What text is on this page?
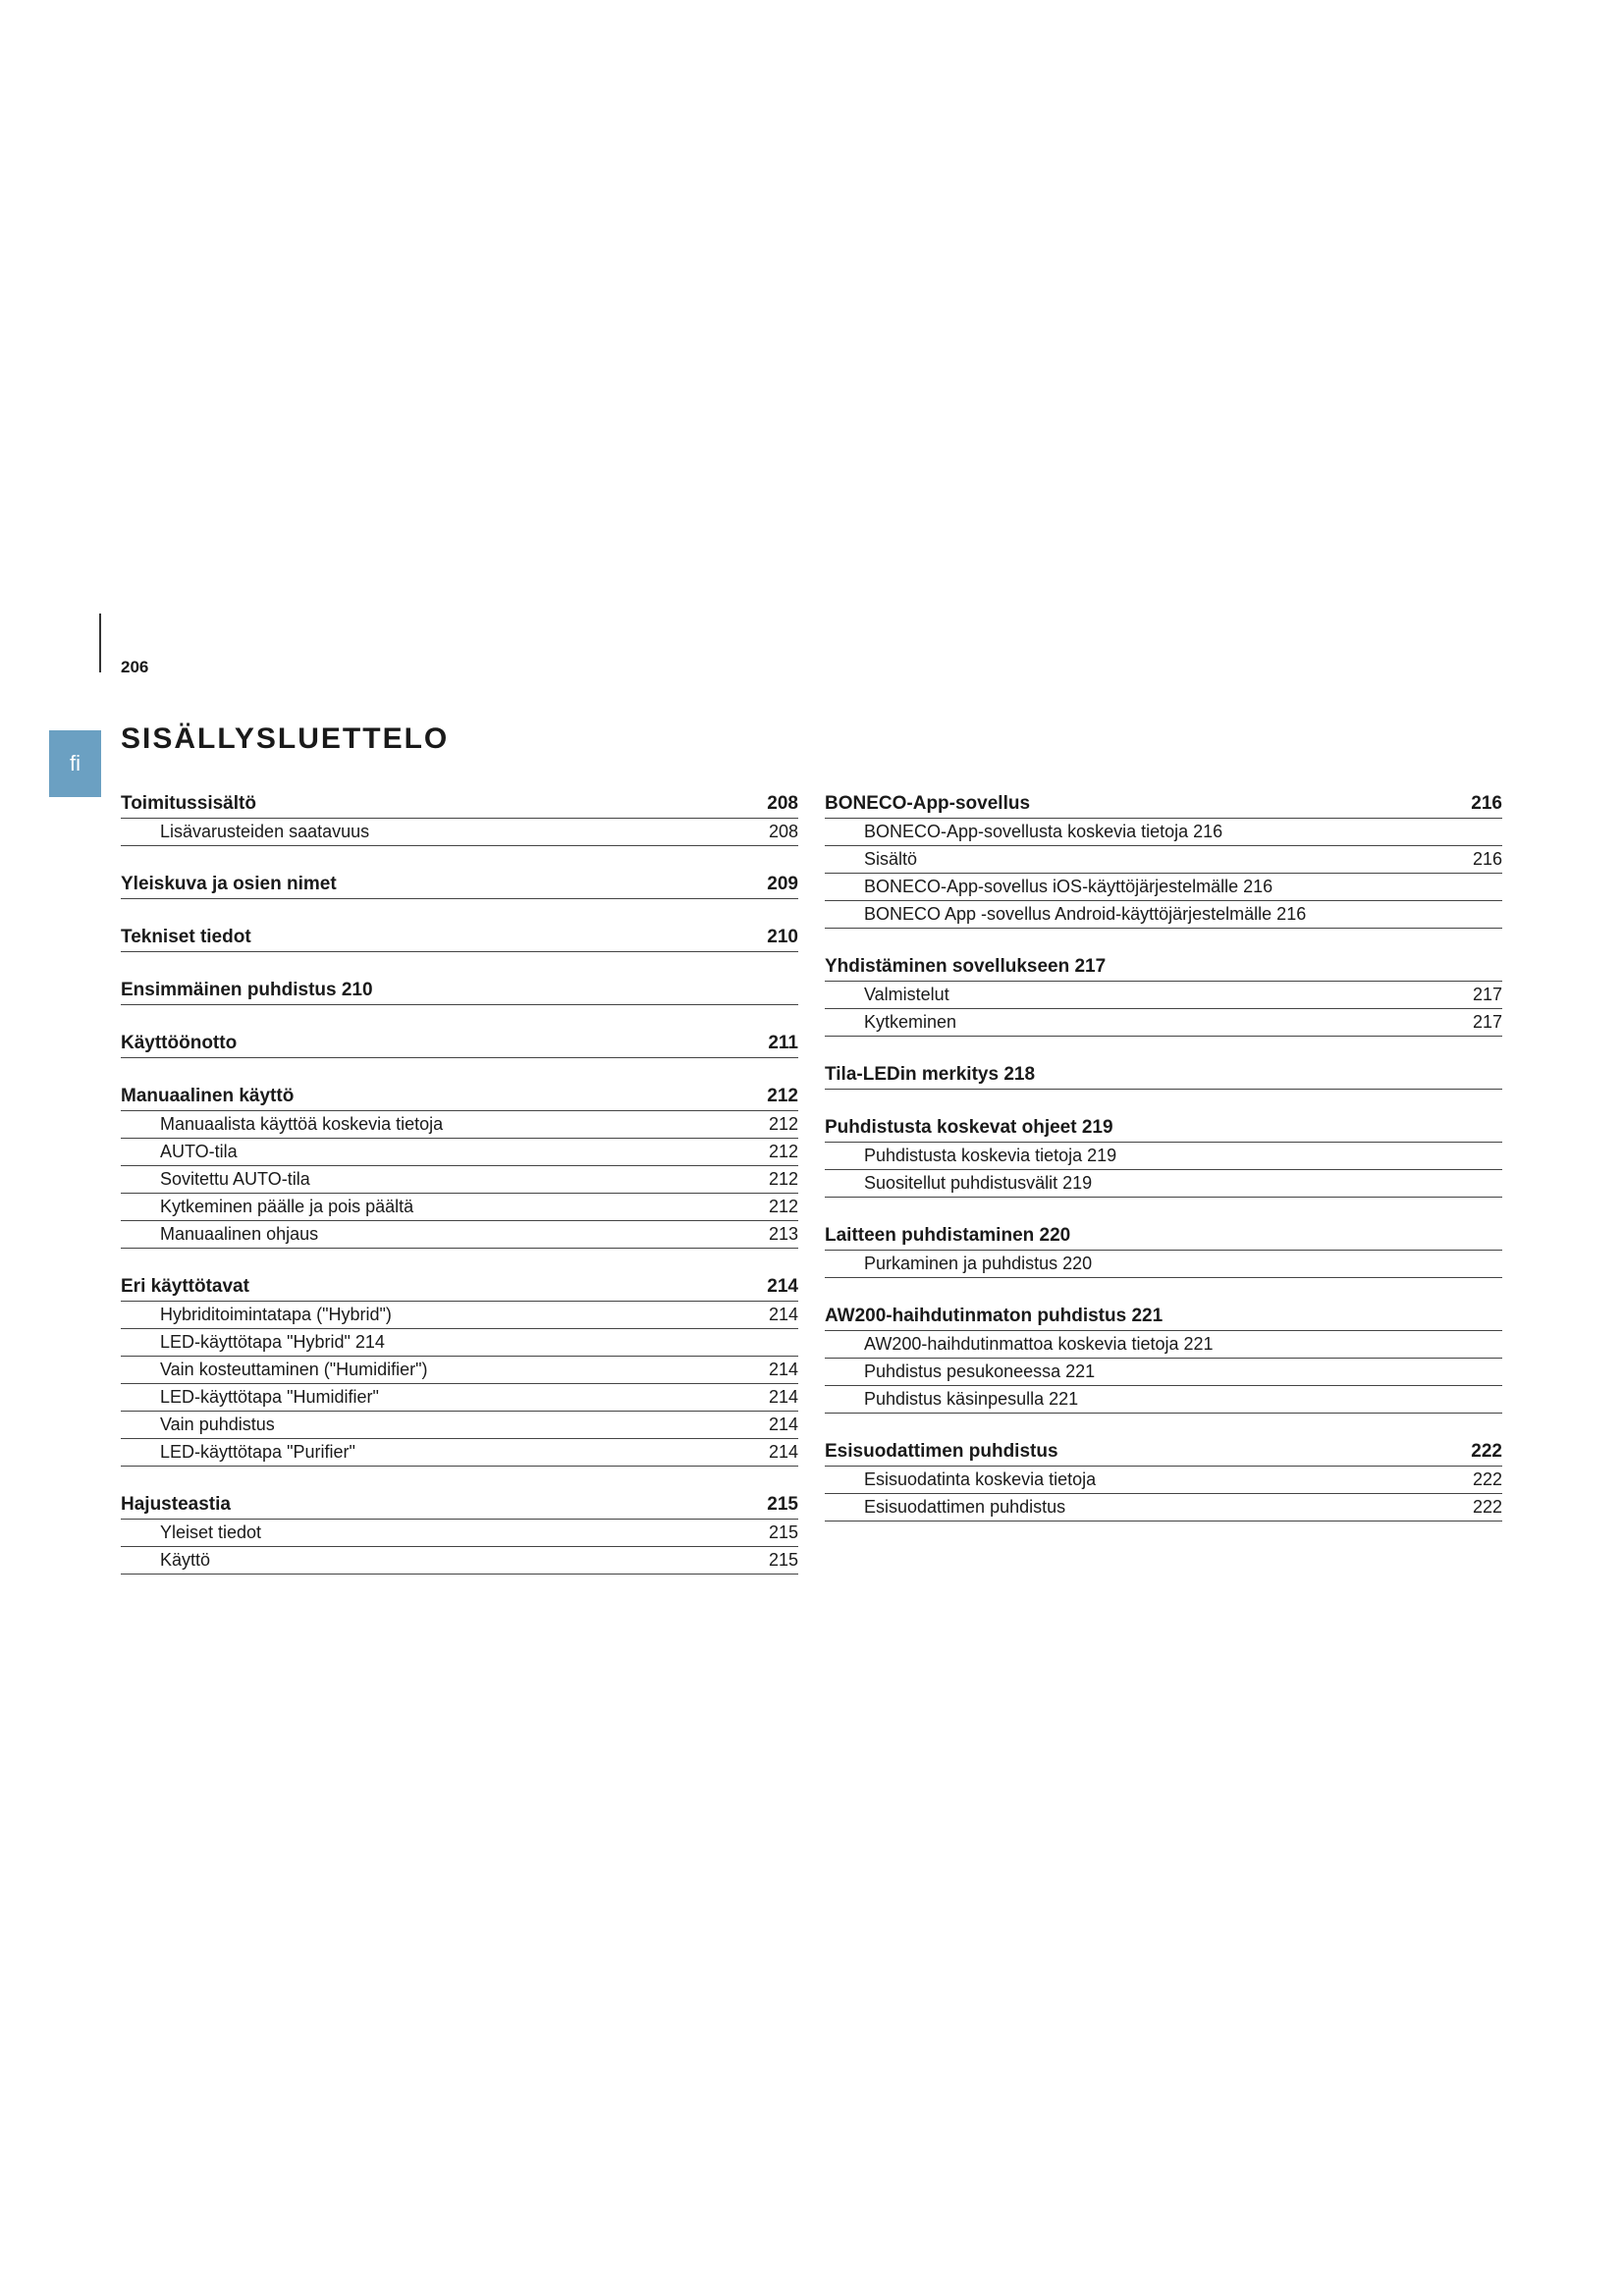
206
fi
SISÄLLYSLUETTELO
Toimitussisältö	208
Lisävarusteiden saatavuus	208
Yleiskuva ja osien nimet	209
Tekniset tiedot	210
Ensimmäinen puhdistus 210
Käyttöönotto	211
Manuaalinen käyttö	212
Manuaalista käyttöä koskevia tietoja	212
AUTO-tila	212
Sovitettu AUTO-tila	212
Kytkeminen päälle ja pois päältä	212
Manuaalinen ohjaus	213
Eri käyttötavat	214
Hybriditoimintatapa ("Hybrid")	214
LED-käyttötapa "Hybrid" 214
Vain kosteuttaminen ("Humidifier")	214
LED-käyttötapa "Humidifier"	214
Vain puhdistus	214
LED-käyttötapa "Purifier"	214
Hajusteastia	215
Yleiset tiedot	215
Käyttö	215
BONECO-App-sovellus	216
BONECO-App-sovellusta koskevia tietoja 216
Sisältö	216
BONECO-App-sovellus iOS-käyttöjärjestelmälle 216
BONECO App -sovellus Android-käyttöjärjestelmälle 216
Yhdistäminen sovellukseen 217
Valmistelut	217
Kytkeminen	217
Tila-LEDin merkitys 218
Puhdistusta koskevat ohjeet 219
Puhdistusta koskevia tietoja 219
Suositellut puhdistusvälit 219
Laitteen puhdistaminen 220
Purkaminen ja puhdistus 220
AW200-haihdutinmaton puhdistus 221
AW200-haihdutinmattoa koskevia tietoja 221
Puhdistus pesukoneessa 221
Puhdistus käsinpesulla 221
Esisuodattimen puhdistus	222
Esisuodatinta koskevia tietoja	222
Esisuodattimen puhdistus	222
